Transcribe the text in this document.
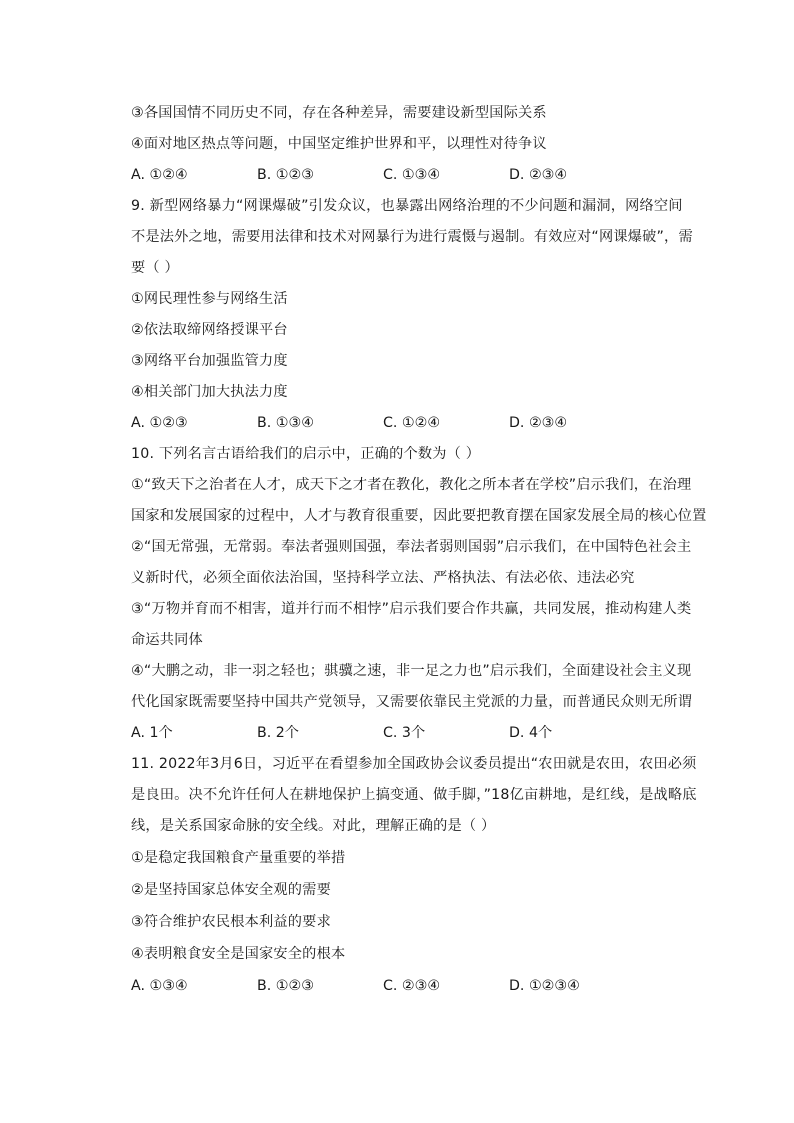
③各国国情不同历史不同，存在各种差异，需要建设新型国际关系
④面对地区热点等问题，中国坚定维护世界和平，以理性对待争议
A. ①②④	B. ①②③	C. ①③④	D. ②③④
9. 新型网络暴力“网课爆破”引发众议，也暴露出网络治理的不少问题和漏洞，网络空间
不是法外之地，需要用法律和技术对网暴行为进行震慑与遏制。有效应对“网课爆破”，需
要（ ）
①网民理性参与网络生活
②依法取缔网络授课平台
③网络平台加强监管力度
④相关部门加大执法力度
A. ①②③	B. ①③④	C. ①②④	D. ②③④
10. 下列名言古语给我们的启示中，正确的个数为（ ）
①“致天下之治者在人才，成天下之才者在教化，教化之所本者在学校”启示我们，在治理
国家和发展国家的过程中，人才与教育很重要，因此要把教育摆在国家发展全局的核心位置
②“国无常强，无常弱。奉法者强则国强，奉法者弱则国弱”启示我们，在中国特色社会主
义新时代，必须全面依法治国，坚持科学立法、严格执法、有法必依、违法必究
③“万物并育而不相害，道并行而不相悖”启示我们要合作共赢，共同发展，推动构建人类
命运共同体
④“大鹏之动，非一羽之轻也；骐骥之速，非一足之力也”启示我们，全面建设社会主义现
代化国家既需要坚持中国共产党领导，又需要依靠民主党派的力量，而普通民众则无所谓
A. 1个	B. 2个	C. 3个	D. 4个
11. 2022年3月6日，习近平在看望参加全国政协会议委员提出“农田就是农田，农田必须
是良田。决不允许任何人在耕地保护上搞变通、做手脚，”18亿亩耕地，是红线，是战略底
线，是关系国家命脉的安全线。对此，理解正确的是（ ）
①是稳定我国粮食产量重要的举措
②是坚持国家总体安全观的需要
③符合维护农民根本利益的要求
④表明粮食安全是国家安全的根本
A. ①③④	B. ①②③	C. ②③④	D. ①②③④
